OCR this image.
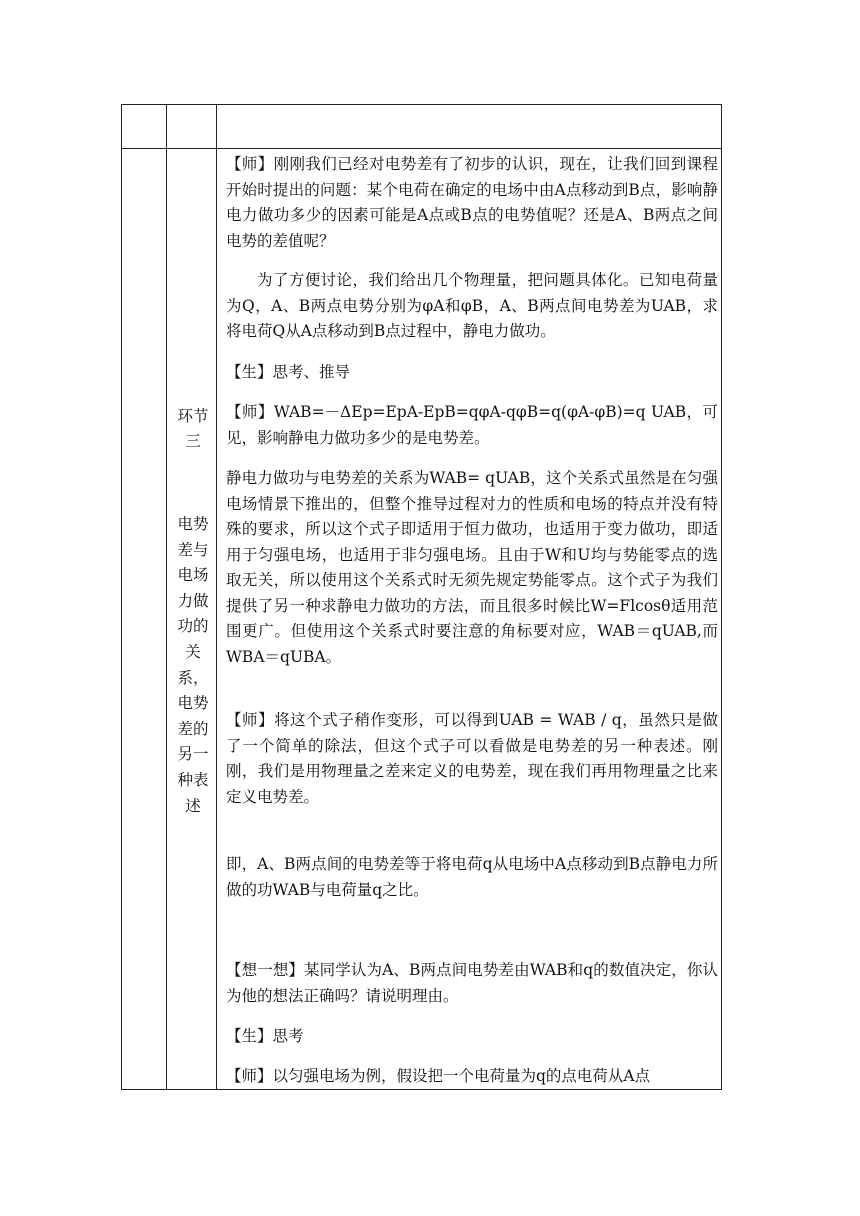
环节
三
电势
差与
电场
力做
功的
关
系，
电势
差的
另一
种表
述

【师】刚刚我们已经对电势差有了初步的认识，现在，让我们回到课程开始时提出的问题：某个电荷在确定的电场中由A点移动到B点，影响静电力做功多少的因素可能是A点或B点的电势值呢？还是A、B两点之间电势的差值呢？

为了方便讨论，我们给出几个物理量，把问题具体化。已知电荷量为Q，A、B两点电势分别为φA和φB，A、B两点间电势差为UAB，求将电荷Q从A点移动到B点过程中，静电力做功。

【生】思考、推导

【师】WAB=－ΔEp=EpA-EpB=qφA-qφB=q(φA-φB)=q UAB，可见，影响静电力做功多少的是电势差。

静电力做功与电势差的关系为WAB= qUAB，这个关系式虽然是在匀强电场情景下推出的，但整个推导过程对力的性质和电场的特点并没有特殊的要求，所以这个式子即适用于恒力做功，也适用于变力做功，即适用于匀强电场，也适用于非匀强电场。且由于W和U均与势能零点的选取无关，所以使用这个关系式时无须先规定势能零点。这个式子为我们提供了另一种求静电力做功的方法，而且很多时候比W=Flcosθ适用范围更广。但使用这个关系式时要注意的角标要对应，WAB＝qUAB,而WBA＝qUBA。

【师】将这个式子稍作变形，可以得到UAB = WAB / q，虽然只是做了一个简单的除法，但这个式子可以看做是电势差的另一种表述。刚刚，我们是用物理量之差来定义的电势差，现在我们再用物理量之比来定义电势差。

即，A、B两点间的电势差等于将电荷q从电场中A点移动到B点静电力所做的功WAB与电荷量q之比。

【想一想】某同学认为A、B两点间电势差由WAB和q的数值决定，你认为他的想法正确吗？请说明理由。

【生】思考

【师】以匀强电场为例，假设把一个电荷量为q的点电荷从A点
